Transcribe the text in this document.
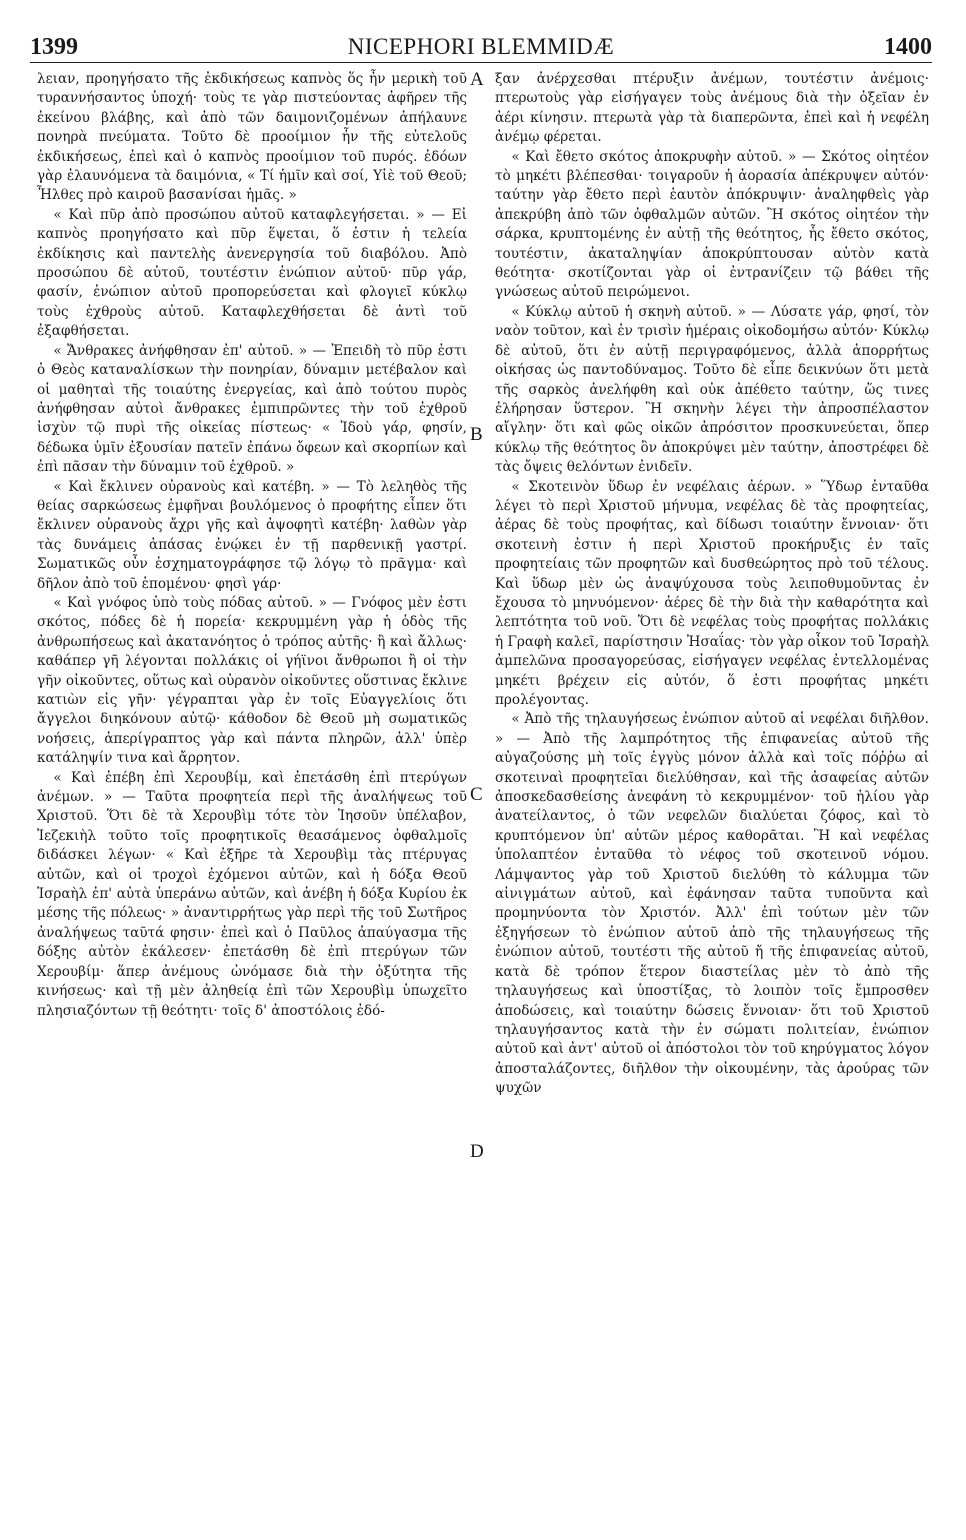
1399	NICEPHORI BLEMMIDÆ	1400

λειαν, προηγήσατο τῆς ἐκδικήσεως καπνὸς ὅς ἦν μερικὴ τοῦ τυραννήσαντος ὑποχή· τοὺς τε γὰρ πιστεύοντας ἀφῆρεν τῆς ἐκείνου βλάβης, καὶ ἀπὸ τῶν δαιμονιζομένων ἀπήλαυνε πονηρὰ πνεύματα. Τοῦτο δὲ προοίμιον ἦν τῆς εὐτελοῦς ἐκδικήσεως, ἐπεὶ καὶ ὁ καπνὸς προοίμιον τοῦ πυρός. ἐδόων γὰρ ἐλαυνόμενα τὰ δαιμόνια, « Τί ἡμῖν καὶ σοί, Υἱὲ τοῦ Θεοῦ; Ἦλθες πρὸ καιροῦ βασανίσαι ἡμᾶς. »

« Καὶ πῦρ ἀπὸ προσώπου αὐτοῦ καταφλεγήσεται. » — Εἰ καπνὸς προηγήσατο καὶ πῦρ ἕψεται, ὅ ἐστιν ἡ τελεία ἐκδίκησις καὶ παντελὴς ἀνενεργησία τοῦ διαβόλου. Ἀπὸ προσώπου δὲ αὐτοῦ, τουτέστιν ἐνώπιον αὐτοῦ· πῦρ γάρ, φασίν, ἐνώπιον αὐτοῦ προπορεύσεται καὶ φλογιεῖ κύκλῳ τοὺς ἐχθροὺς αὐτοῦ. Καταφλεχθήσεται δὲ ἀντὶ τοῦ ἐξαφθήσεται.

« Ἄνθρακες ἀνήφθησαν ἐπ' αὐτοῦ. » — Ἐπειδὴ τὸ πῦρ ἐστι ὁ Θεὸς καταναλίσκων τὴν πονηρίαν, δύναμιν μετέβαλον καὶ οἱ μαθηταὶ τῆς τοιαύτης ἐνεργείας, καὶ ἀπὸ τούτου πυρὸς ἀνήφθησαν αὐτοὶ ἄνθρακες ἐμπιπρῶντες τὴν τοῦ ἐχθροῦ ἰσχὺν τῷ πυρὶ τῆς οἰκείας πίστεως· « Ἰδοὺ γάρ, φησίν, δέδωκα ὑμῖν ἐξουσίαν πατεῖν ἐπάνω ὄφεων καὶ σκορπίων καὶ ἐπὶ πᾶσαν τὴν δύναμιν τοῦ ἐχθροῦ. »

« Καὶ ἔκλινεν οὐρανοὺς καὶ κατέβη. » — Τὸ λεληθὸς τῆς θείας σαρκώσεως ἐμφῆναι βουλόμενος ὁ προφήτης εἶπεν ὅτι ἔκλινεν οὐρανοὺς ἄχρι γῆς καὶ ἀψοφητὶ κατέβη· λαθὼν γὰρ τὰς δυνάμεις ἁπάσας ἐνῴκει ἐν τῇ παρθενικῇ γαστρί. Σωματικῶς οὖν ἐσχηματογράφησε τῷ λόγῳ τὸ πρᾶγμα· καὶ δῆλον ἀπὸ τοῦ ἑπομένου· φησὶ γάρ·

« Καὶ γνόφος ὑπὸ τοὺς πόδας αὐτοῦ. » — Γνόφος μὲν ἐστι σκότος, πόδες δὲ ἡ πορεία· κεκρυμμένη γὰρ ἡ ὁδὸς τῆς ἀνθρωπήσεως καὶ ἀκατανόητος ὁ τρόπος αὐτῆς· ἢ καὶ ἄλλως· καθάπερ γῆ λέγονται πολλάκις οἱ γήϊνοι ἄνθρωποι ἢ οἱ τὴν γῆν οἰκοῦντες, οὕτως καὶ οὐρανὸν οἰκοῦντες οὕστινας ἔκλινε κατιὼν εἰς γῆν· γέγραπται γὰρ ἐν τοῖς Εὐαγγελίοις ὅτι ἄγγελοι διηκόνουν αὐτῷ· κάθοδον δὲ Θεοῦ μὴ σωματικῶς νοήσεις, ἀπερίγραπτος γὰρ καὶ πάντα πληρῶν, ἀλλ' ὑπὲρ κατάληψίν τινα καὶ ἄρρητον.

« Καὶ ἐπέβη ἐπὶ Χερουβίμ, καὶ ἐπετάσθη ἐπὶ πτερύγων ἀνέμων. » — Ταῦτα προφητεία περὶ τῆς ἀναλήψεως τοῦ Χριστοῦ. Ὅτι δὲ τὰ Χερουβὶμ τότε τὸν Ἰησοῦν ὑπέλαβον, Ἰεζεκιὴλ τοῦτο τοῖς προφητικοῖς θεασάμενος ὀφθαλμοῖς διδάσκει λέγων· « Καὶ ἐξῆρε τὰ Χερουβὶμ τὰς πτέρυγας αὐτῶν, καὶ οἱ τροχοὶ ἐχόμενοι αὐτῶν, καὶ ἡ δόξα Θεοῦ Ἰσραὴλ ἐπ' αὐτὰ ὑπεράνω αὐτῶν, καὶ ἀνέβη ἡ δόξα Κυρίου ἐκ μέσης τῆς πόλεως· » ἀναντιρρήτως γὰρ περὶ τῆς τοῦ Σωτῆρος ἀναλήψεως ταῦτά φησιν· ἐπεὶ καὶ ὁ Παῦλος ἀπαύγασμα τῆς δόξης αὐτὸν ἐκάλεσεν· ἐπετάσθη δὲ ἐπὶ πτερύγων τῶν Χερουβίμ· ἅπερ ἀνέμους ὠνόμασε διὰ τὴν ὀξύτητα τῆς κινήσεως· καὶ τῇ μὲν ἀληθείᾳ ἐπὶ τῶν Χερουβὶμ ὑπωχεῖτο πλησιαζόντων τῇ θεότητι· τοῖς δ' ἀποστόλοις ἐδό-

A
B
C
D

ξαν ἀνέρχεσθαι πτέρυξιν ἀνέμων, τουτέστιν ἀνέμοις· πτερωτοὺς γὰρ εἰσήγαγεν τοὺς ἀνέμους διὰ τὴν ὀξεῖαν ἐν ἀέρι κίνησιν. πτερωτὰ γὰρ τὰ διαπερῶντα, ἐπεὶ καὶ ἡ νεφέλη ἀνέμῳ φέρεται.

« Καὶ ἔθετο σκότος ἀποκρυφὴν αὐτοῦ. » — Σκότος οἰητέον τὸ μηκέτι βλέπεσθαι· τοιγαροῦν ἡ ἀορασία ἀπέκρυψεν αὐτόν· ταύτην γὰρ ἔθετο περὶ ἑαυτὸν ἀπόκρυψιν· ἀναληφθεὶς γὰρ ἀπεκρύβη ἀπὸ τῶν ὀφθαλμῶν αὐτῶν. Ἢ σκότος οἰητέον τὴν σάρκα, κρυπτομένης ἐν αὐτῇ τῆς θεότητος, ἧς ἔθετο σκότος, τουτέστιν, ἀκαταληψίαν ἀποκρύπτουσαν αὐτὸν κατὰ θεότητα· σκοτίζονται γὰρ οἱ ἐντρανίζειν τῷ βάθει τῆς γνώσεως αὐτοῦ πειρώμενοι.

« Κύκλῳ αὐτοῦ ἡ σκηνὴ αὐτοῦ. » — Λύσατε γάρ, φησί, τὸν ναὸν τοῦτον, καὶ ἐν τρισὶν ἡμέραις οἰκοδομήσω αὐτόν· Κύκλῳ δὲ αὐτοῦ, ὅτι ἐν αὐτῇ περιγραφόμενος, ἀλλὰ ἀπορρήτως οἰκήσας ὡς παντοδύναμος. Τοῦτο δὲ εἶπε δεικνύων ὅτι μετὰ τῆς σαρκὸς ἀνελήφθη καὶ οὐκ ἀπέθετο ταύτην, ὥς τινες ἐλήρησαν ὕστερον. Ἢ σκηνὴν λέγει τὴν ἀπροσπέλαστον αἴγλην· ὅτι καὶ φῶς οἰκῶν ἀπρόσιτον προσκυνεύεται, ὅπερ κύκλῳ τῆς θεότητος ὂν ἀποκρύψει μὲν ταύτην, ἀποστρέφει δὲ τὰς ὄψεις θελόντων ἐνιδεῖν.

« Σκοτεινὸν ὕδωρ ἐν νεφέλαις ἀέρων. » Ὕδωρ ἐνταῦθα λέγει τὸ περὶ Χριστοῦ μήνυμα, νεφέλας δὲ τὰς προφητείας, ἀέρας δὲ τοὺς προφήτας, καὶ δίδωσι τοιαύτην ἔννοιαν· ὅτι σκοτεινὴ ἐστιν ἡ περὶ Χριστοῦ προκήρυξις ἐν ταῖς προφητείαις τῶν προφητῶν καὶ δυσθεώρητος πρὸ τοῦ τέλους. Καὶ ὕδωρ μὲν ὡς ἀναψύχουσα τοὺς λειποθυμοῦντας ἐν ἔχουσα τὸ μηνυόμενον· ἀέρες δὲ τὴν διὰ τὴν καθαρότητα καὶ λεπτότητα τοῦ νοῦ. Ὅτι δὲ νεφέλας τοὺς προφήτας πολλάκις ἡ Γραφὴ καλεῖ, παρίστησιν Ἠσαΐας· τὸν γὰρ οἶκον τοῦ Ἰσραὴλ ἀμπελῶνα προσαγορεύσας, εἰσήγαγεν νεφέλας ἐντελλομένας μηκέτι βρέχειν εἰς αὐτόν, ὅ ἐστι προφήτας μηκέτι προλέγοντας.

« Ἀπὸ τῆς τηλαυγήσεως ἐνώπιον αὐτοῦ αἱ νεφέλαι διῆλθον. » — Ἀπὸ τῆς λαμπρότητος τῆς ἐπιφανείας αὐτοῦ τῆς αὐγαζούσης μὴ τοῖς ἐγγὺς μόνον ἀλλὰ καὶ τοῖς πόῤῥω αἱ σκοτειναὶ προφητεῖαι διελύθησαν, καὶ τῆς ἀσαφείας αὐτῶν ἀποσκεδασθείσης ἀνεφάνη τὸ κεκρυμμένον· τοῦ ἡλίου γὰρ ἀνατείλαντος, ὁ τῶν νεφελῶν διαλύεται ζόφος, καὶ τὸ κρυπτόμενον ὑπ' αὐτῶν μέρος καθορᾶται. Ἢ καὶ νεφέλας ὑπολαπτέον ἐνταῦθα τὸ νέφος τοῦ σκοτεινοῦ νόμου. Λάμψαντος γὰρ τοῦ Χριστοῦ διελύθη τὸ κάλυμμα τῶν αἰνιγμάτων αὐτοῦ, καὶ ἐφάνησαν ταῦτα τυποῦντα καὶ προμηνύοντα τὸν Χριστόν. Ἀλλ' ἐπὶ τούτων μὲν τῶν ἐξηγήσεων τὸ ἐνώπιον αὐτοῦ ἀπὸ τῆς τηλαυγήσεως τῆς ἐνώπιον αὐτοῦ, τουτέστι τῆς αὐτοῦ ἤ τῆς ἐπιφανείας αὐτοῦ, κατὰ δὲ τρόπον ἕτερον διαστείλας μὲν τὸ ἀπὸ τῆς τηλαυγήσεως καὶ ὑποστίξας, τὸ λοιπὸν τοῖς ἔμπροσθεν ἀποδώσεις, καὶ τοιαύτην δώσεις ἔννοιαν· ὅτι τοῦ Χριστοῦ τηλαυγήσαντος κατὰ τὴν ἐν σώματι πολιτείαν, ἐνώπιον αὐτοῦ καὶ ἀντ' αὐτοῦ οἱ ἀπόστολοι τὸν τοῦ κηρύγματος λόγον ἀποσταλάζοντες, διῆλθον τὴν οἰκουμένην, τὰς ἀρούρας τῶν ψυχῶν
